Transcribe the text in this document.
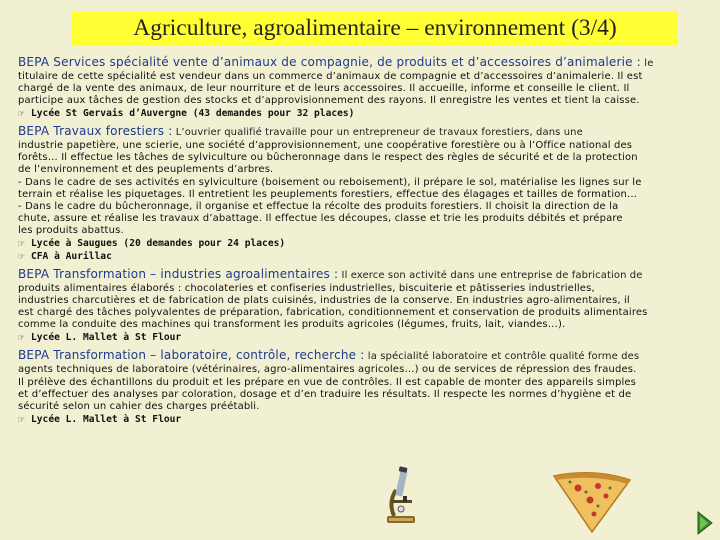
Agriculture, agroalimentaire – environnement (3/4)
BEPA Services spécialité vente d’animaux de compagnie, de produits et d’accessoires d’animalerie : le

titulaire de cette spécialité est vendeur dans un commerce d’animaux de compagnie et d’accessoires d’animalerie. Il est

chargé de la vente des animaux, de leur nourriture et de leurs accessoires. Il accueille, informe et conseille le client. Il

participe aux tâches de gestion des stocks et d’approvisionnement des rayons. Il enregistre les ventes et tient la caisse.

☞ Lycée St Gervais d’Auvergne (43 demandes pour 32 places)
BEPA Travaux forestiers : L’ouvrier qualifié travaille pour un entrepreneur de travaux forestiers, dans une

industrie papetière, une scierie, une société d’approvisionnement, une coopérative forestière ou à l’Office national des

forêts… Il effectue les tâches de sylviculture ou bûcheronnage dans le respect des règles de sécurité et de la protection

de l’environnement et des peuplements d’arbres.

- Dans le cadre de ses activités en sylviculture (boisement ou reboisement), il prépare le sol, matérialise les lignes sur le

terrain et réalise les piquetages. Il entretient les peuplements forestiers, effectue des élagages et tailles de formation…

- Dans le cadre du bûcheronnage, il organise et effectue la récolte des produits forestiers. Il choisit la direction de la

chute, assure et réalise les travaux d’abattage. Il effectue les découpes, classe et trie les produits débités et prépare

les produits abattus.

☞ Lycée à Saugues (20 demandes pour 24 places)
☞ CFA à Aurillac
BEPA Transformation – industries agroalimentaires : Il exerce son activité dans une entreprise de fabrication de

produits alimentaires élaborés : chocolateries et confiseries industrielles, biscuiterie et pâtisseries industrielles,

industries charcutières et de fabrication de plats cuisinés, industries de la conserve. En industries agro-alimentaires, il

est chargé des tâches polyvalentes de préparation, fabrication, conditionnement et conservation de produits alimentaires

comme la conduite des machines qui transforment les produits agricoles (légumes, fruits, lait, viandes…).

☞ Lycée L. Mallet à St Flour
BEPA Transformation – laboratoire, contrôle, recherche : la spécialité laboratoire et contrôle qualité forme des

agents techniques de laboratoire (vétérinaires, agro-alimentaires agricoles…) ou de services de répression des fraudes.

Il prélève des échantillons du produit et les prépare en vue de contrôles. Il est capable de monter des appareils simples

et d’effectuer des analyses par coloration, dosage et d’en traduire les résultats. Il respecte les normes d’hygiène et de

sécurité selon un cahier des charges préétabli.

☞ Lycée L. Mallet à St Flour
